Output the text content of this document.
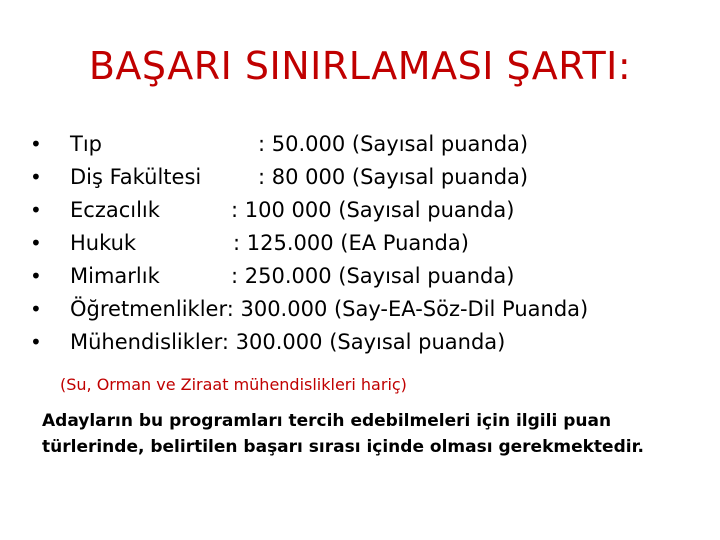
BAŞARI SINIRLAMASI ŞARTI:
•	Tıp	: 50.000 (Sayısal puanda)
•	Diş Fakültesi	: 80 000 (Sayısal puanda)
•	Eczacılık	: 100 000 (Sayısal puanda)
•	Hukuk	: 125.000 (EA Puanda)
•	Mimarlık	: 250.000 (Sayısal puanda)
•	Öğretmenlikler: 300.000 (Say-EA-Söz-Dil Puanda)
•	Mühendislikler: 300.000 (Sayısal puanda)
(Su, Orman ve Ziraat mühendislikleri hariç)
Adayların bu programları tercih edebilmeleri için ilgili puan türlerinde, belirtilen başarı sırası içinde olması gerekmektedir.
